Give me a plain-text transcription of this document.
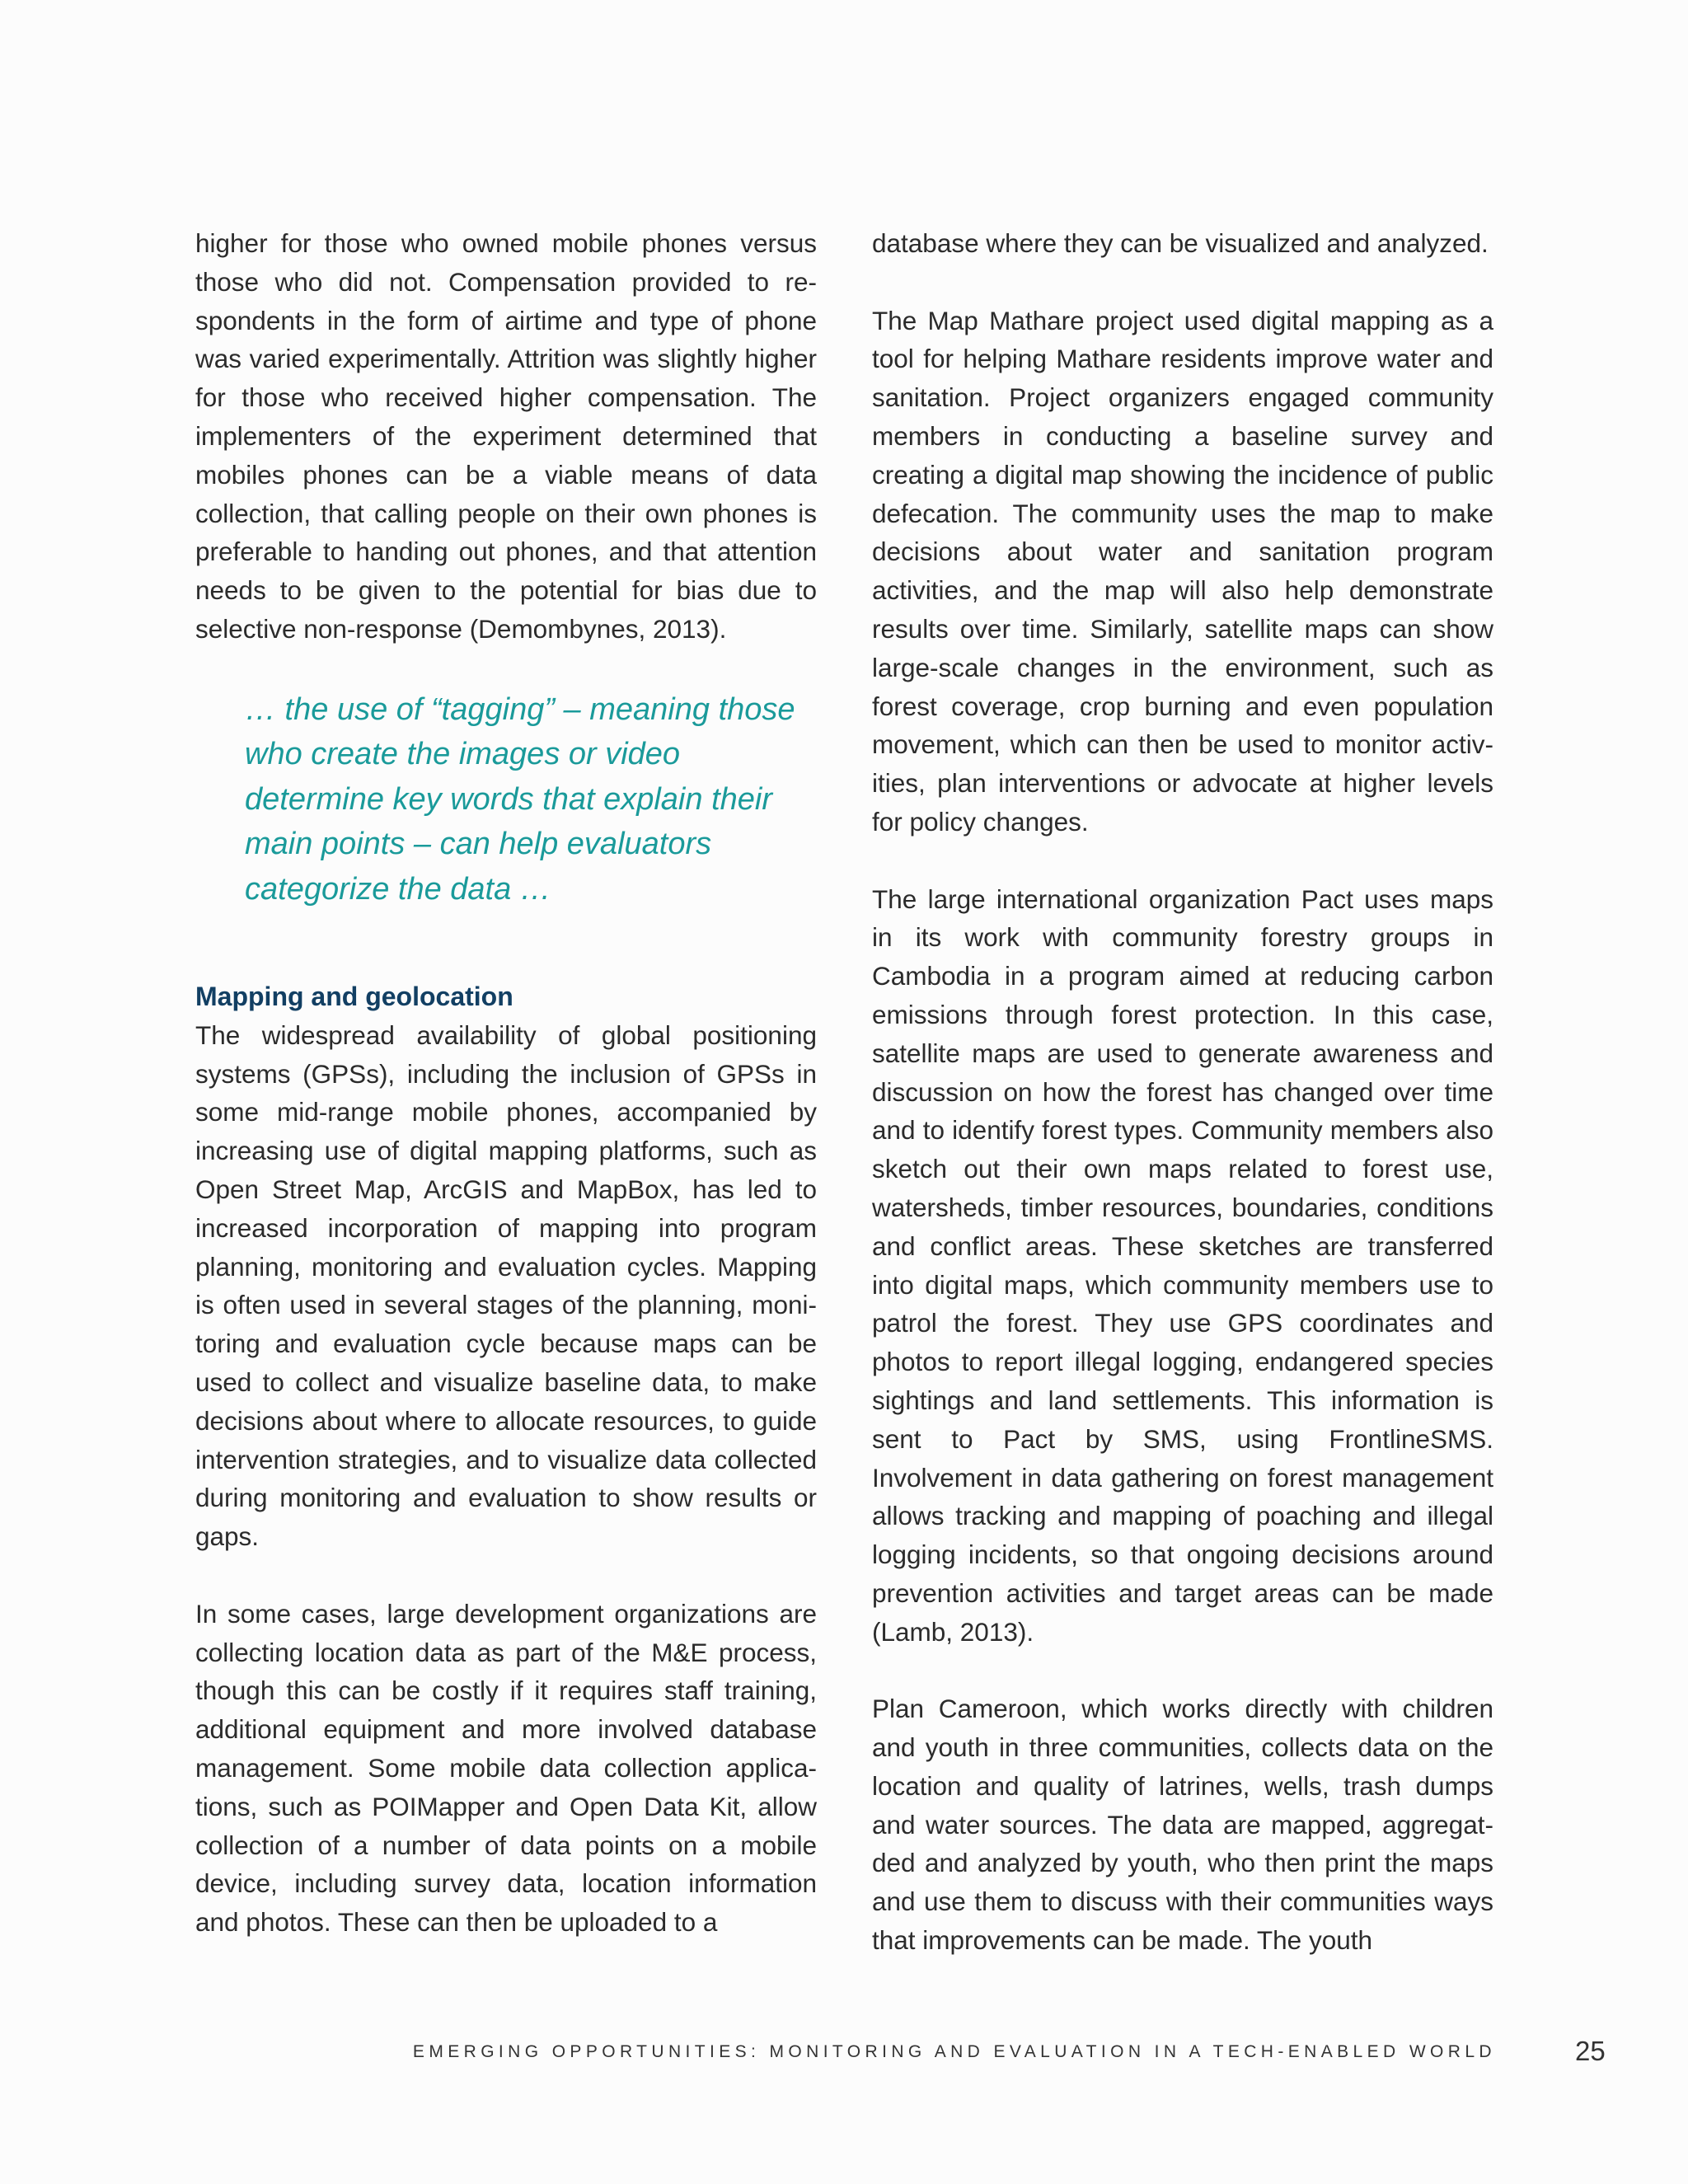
higher for those who owned mobile phones versus those who did not. Compensation provided to respondents in the form of airtime and type of phone was varied experimentally. Attrition was slightly higher for those who received higher compensation. The implementers of the experiment determined that mobiles phones can be a viable means of data collection, that calling people on their own phones is preferable to handing out phones, and that attention needs to be given to the potential for bias due to selective non-response (Demombynes, 2013).

… the use of “tagging” – meaning those who create the images or video determine key words that explain their main points – can help evaluators categorize the data …
Mapping and geolocation

The widespread availability of global positioning systems (GPSs), including the inclusion of GPSs in some mid-range mobile phones, accompanied by increasing use of digital mapping platforms, such as Open Street Map, ArcGIS and MapBox, has led to increased incorporation of mapping into program planning, monitoring and evaluation cycles. Mapping is often used in several stages of the planning, monitoring and evaluation cycle because maps can be used to collect and visualize baseline data, to make decisions about where to allocate resources, to guide intervention strategies, and to visualize data collected during monitoring and evaluation to show results or gaps.

In some cases, large development organizations are collecting location data as part of the M&E process, though this can be costly if it requires staff training, additional equipment and more involved database management. Some mobile data collection applications, such as POIMapper and Open Data Kit, allow collection of a number of data points on a mobile device, including survey data, location information and photos. These can then be uploaded to a

database where they can be visualized and analyzed.

The Map Mathare project used digital mapping as a tool for helping Mathare residents improve water and sanitation. Project organizers engaged community members in conducting a baseline survey and creating a digital map showing the incidence of public defecation. The community uses the map to make decisions about water and sanitation program activities, and the map will also help demonstrate results over time. Similarly, satellite maps can show large-scale changes in the environment, such as forest coverage, crop burning and even population movement, which can then be used to monitor activities, plan interventions or advocate at higher levels for policy changes.

The large international organization Pact uses maps in its work with community forestry groups in Cambodia in a program aimed at reducing carbon emissions through forest protection. In this case, satellite maps are used to generate awareness and discussion on how the forest has changed over time and to identify forest types. Community members also sketch out their own maps related to forest use, watersheds, timber resources, boundaries, conditions and conflict areas. These sketches are transferred into digital maps, which community members use to patrol the forest. They use GPS coordinates and photos to report illegal logging, endangered species sightings and land settlements. This information is sent to Pact by SMS, using FrontlineSMS. Involvement in data gathering on forest management allows tracking and mapping of poaching and illegal logging incidents, so that ongoing decisions around prevention activities and target areas can be made (Lamb, 2013).

Plan Cameroon, which works directly with children and youth in three communities, collects data on the location and quality of latrines, wells, trash dumps and water sources. The data are mapped, aggregatded and analyzed by youth, who then print the maps and use them to discuss with their communities ways that improvements can be made. The youth

EMERGING OPPORTUNITIES: MONITORING AND EVALUATION IN A TECH-ENABLED WORLD	25
